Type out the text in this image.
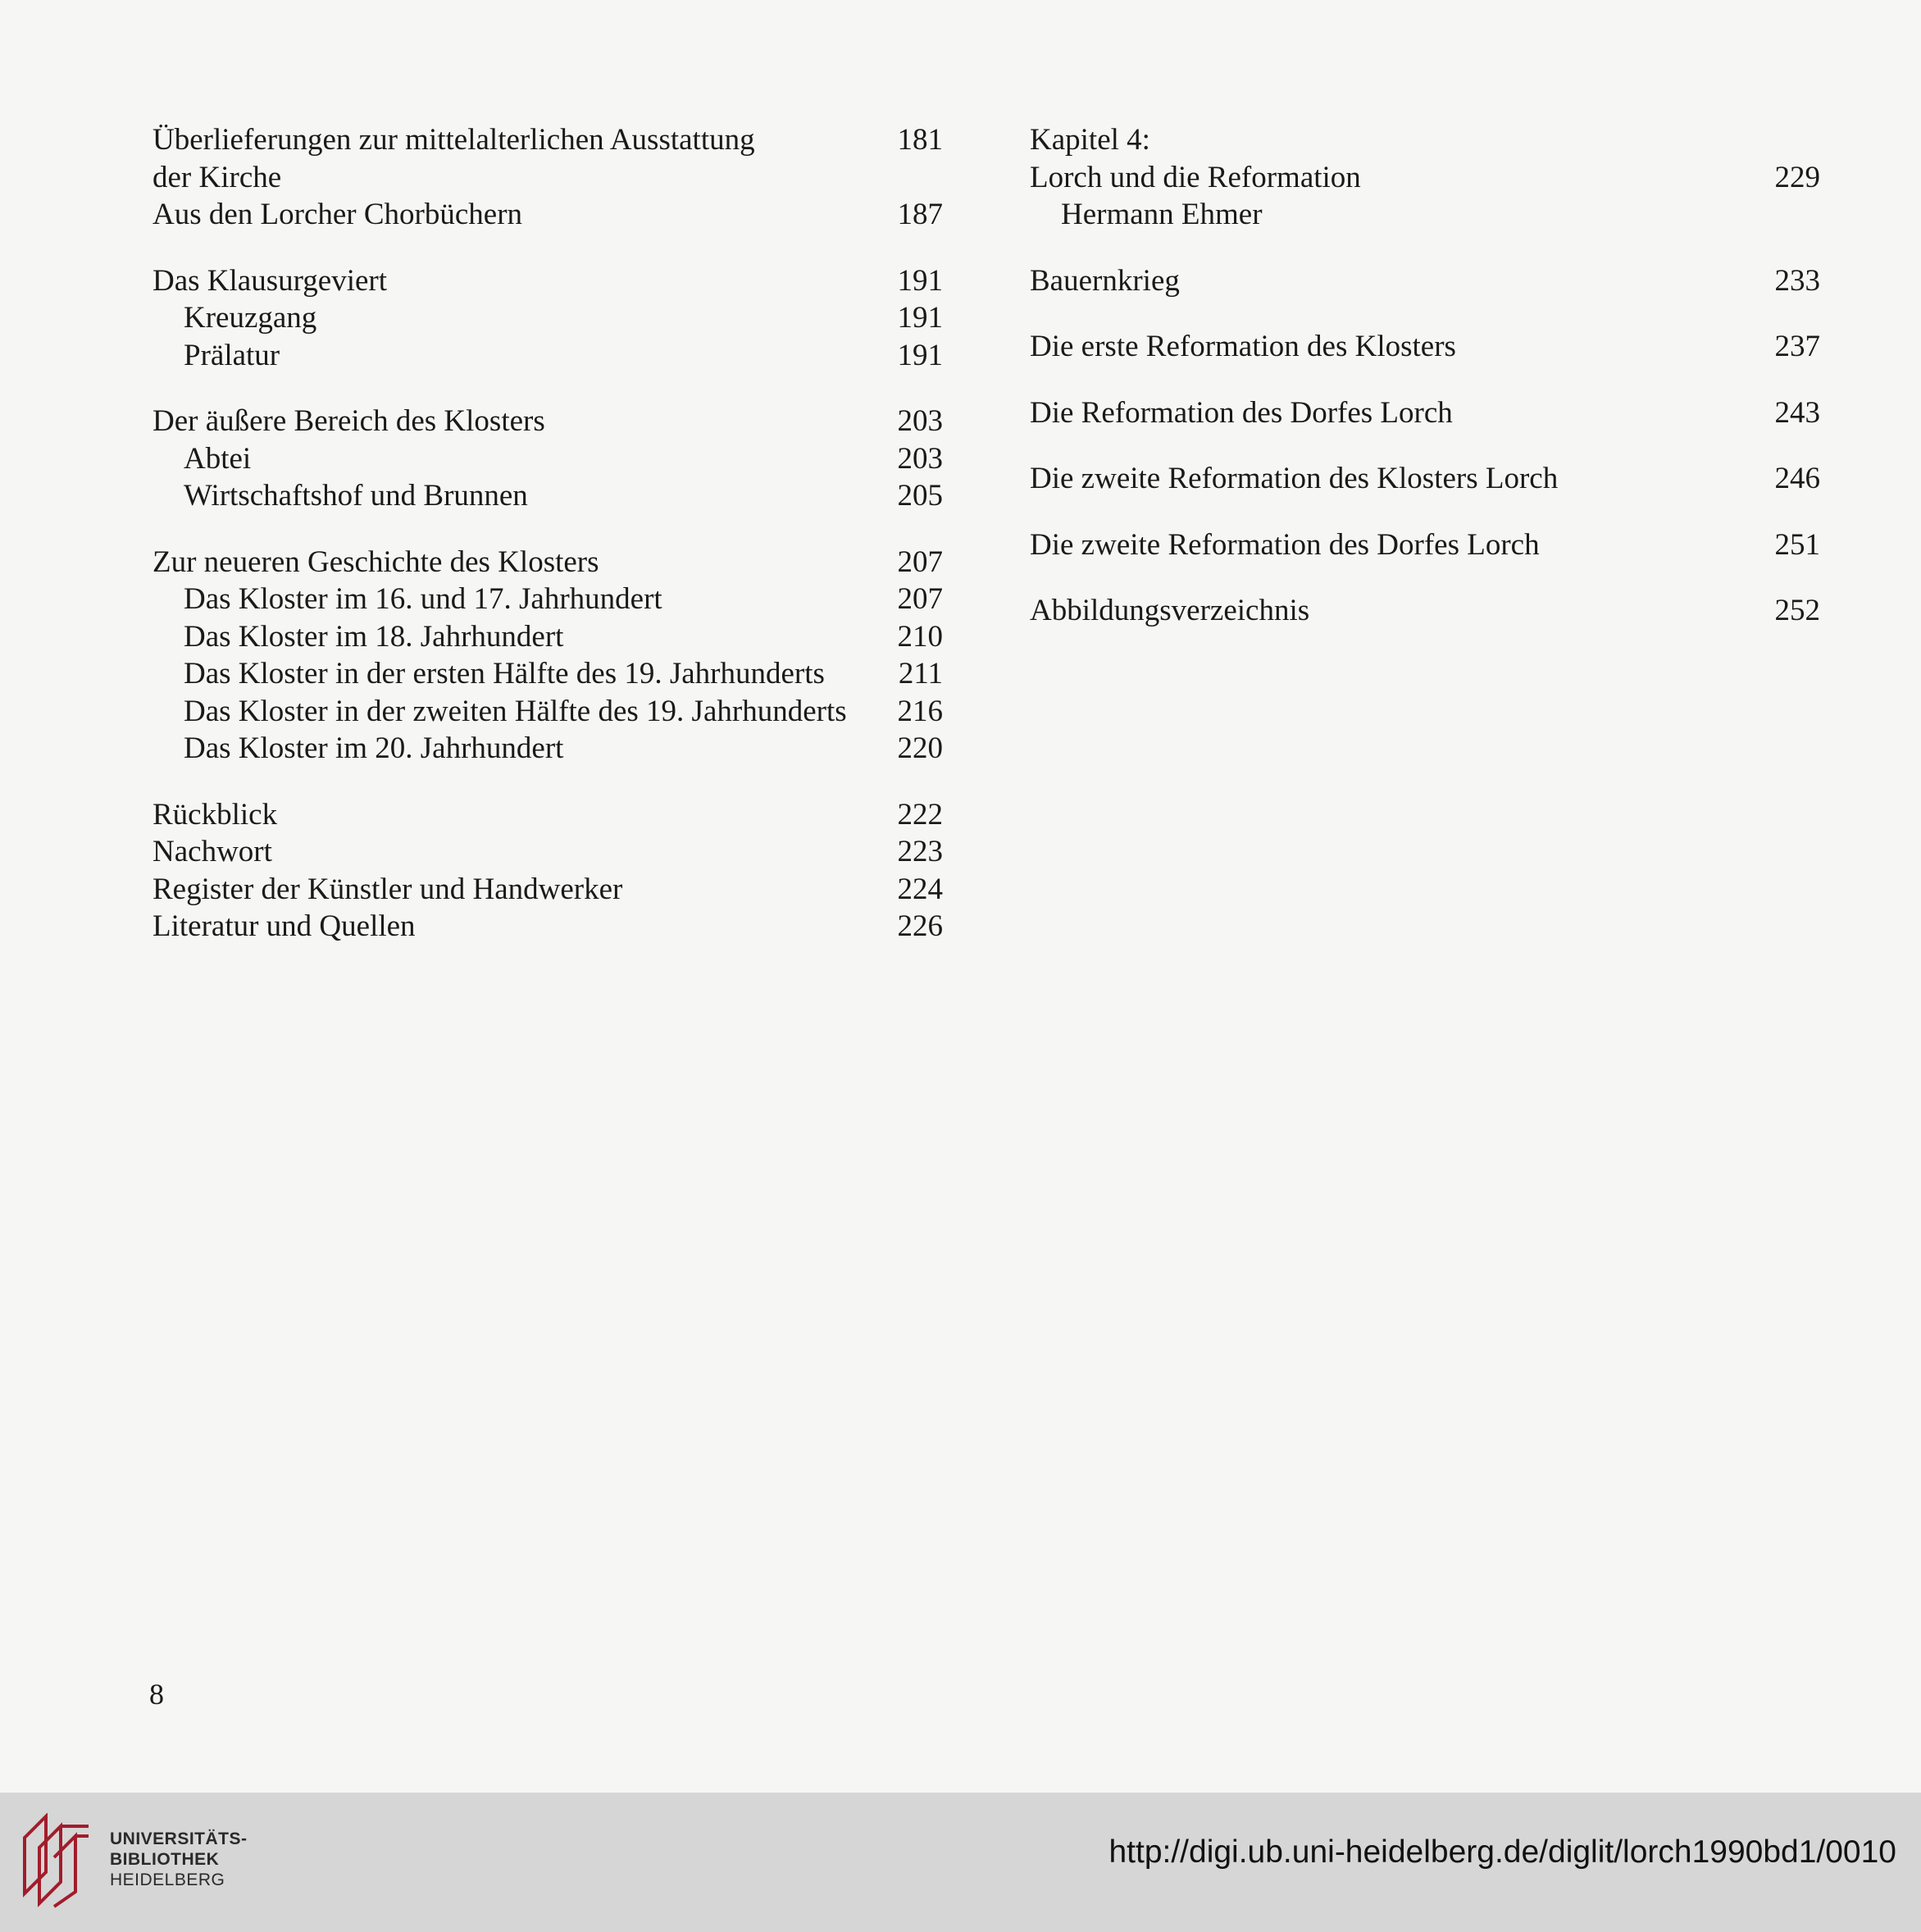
Überlieferungen zur mittelalterlichen Ausstattung	181
der Kirche
Aus den Lorcher Chorbüchern	187
Das Klausurgeviert	191
Kreuzgang	191
Prälatur	191
Der äußere Bereich des Klosters	203
Abtei	203
Wirtschaftshof und Brunnen	205
Zur neueren Geschichte des Klosters	207
Das Kloster im 16. und 17. Jahrhundert	207
Das Kloster im 18. Jahrhundert	210
Das Kloster in der ersten Hälfte des 19. Jahrhunderts 211
Das Kloster in der zweiten Hälfte des 19. Jahrhunderts 216
Das Kloster im 20. Jahrhundert	220
Rückblick	222
Nachwort	223
Register der Künstler und Handwerker	224
Literatur und Quellen	226
Kapitel 4:
Lorch und die Reformation	229
Hermann Ehmer
Bauernkrieg	233
Die erste Reformation des Klosters	237
Die Reformation des Dorfes Lorch	243
Die zweite Reformation des Klosters Lorch	246
Die zweite Reformation des Dorfes Lorch	251
Abbildungsverzeichnis	252
8
UNIVERSITÄTS-
BIBLIOTHEK
HEIDELBERG
http://digi.ub.uni-heidelberg.de/diglit/lorch1990bd1/0010
